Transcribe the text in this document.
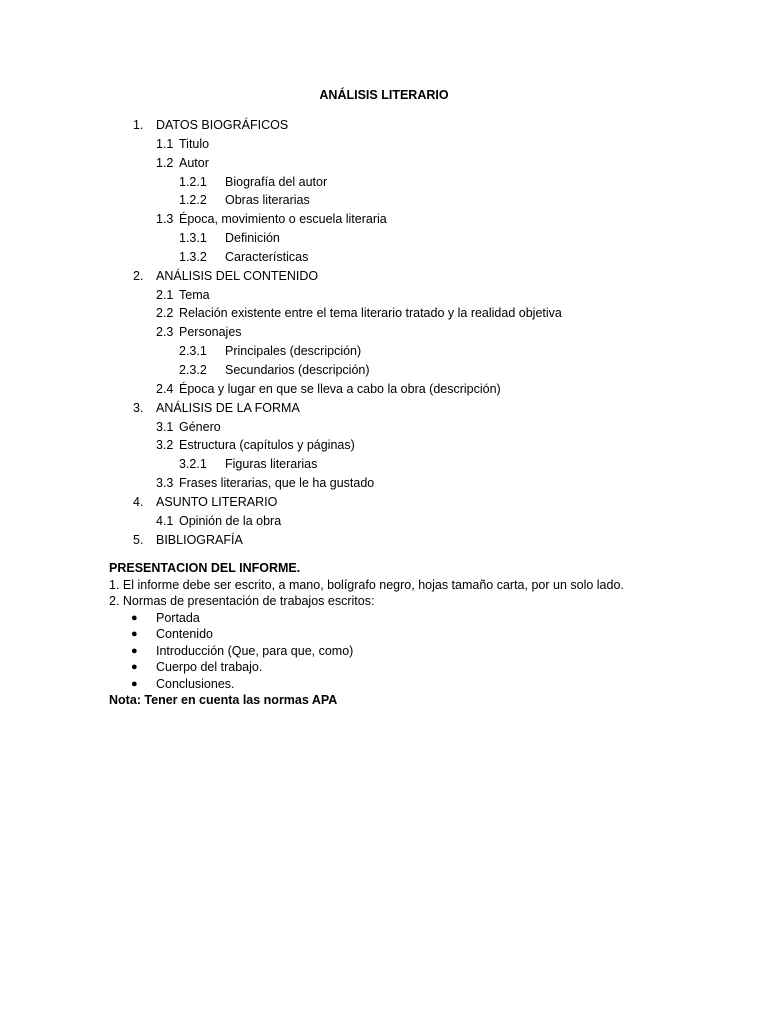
ANÁLISIS LITERARIO
1. DATOS BIOGRÁFICOS
1.1 Titulo
1.2 Autor
1.2.1 Biografía del autor
1.2.2 Obras literarias
1.3 Época, movimiento o escuela literaria
1.3.1 Definición
1.3.2 Características
2. ANÁLISIS DEL CONTENIDO
2.1 Tema
2.2 Relación existente entre el tema literario tratado y la realidad objetiva
2.3 Personajes
2.3.1 Principales (descripción)
2.3.2 Secundarios (descripción)
2.4 Época y lugar en que se lleva a cabo la obra (descripción)
3. ANÁLISIS DE LA FORMA
3.1 Género
3.2 Estructura (capítulos y páginas)
3.2.1 Figuras literarias
3.3 Frases literarias, que le ha gustado
4. ASUNTO LITERARIO
4.1 Opinión de la obra
5. BIBLIOGRAFÍA
PRESENTACION DEL INFORME.
1. El informe debe ser escrito, a mano, bolígrafo negro, hojas tamaño carta, por un solo lado.
2. Normas de presentación de trabajos escritos:
● Portada
● Contenido
● Introducción (Que, para que, como)
● Cuerpo del trabajo.
● Conclusiones.
Nota: Tener en cuenta las normas APA
